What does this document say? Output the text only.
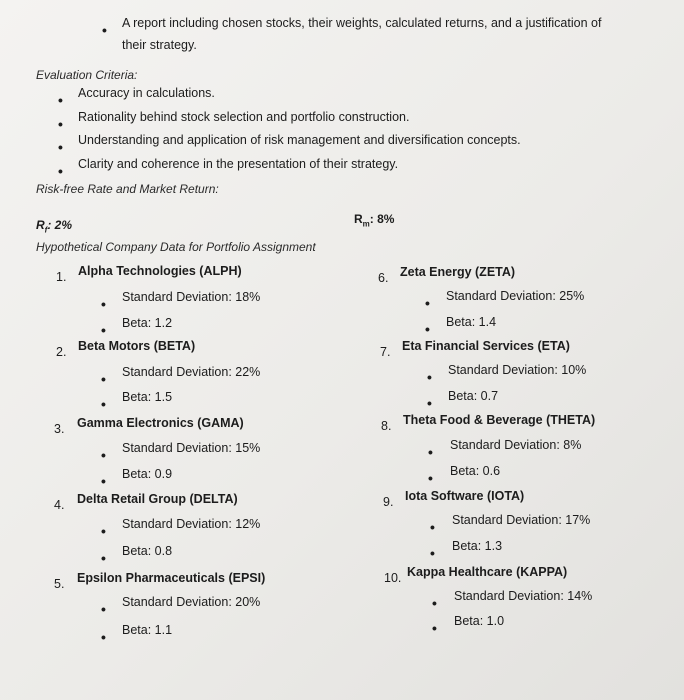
• A report including chosen stocks, their weights, calculated returns, and a justification of
their strategy.
Evaluation Criteria:
• Accuracy in calculations.
• Rationality behind stock selection and portfolio construction.
• Understanding and application of risk management and diversification concepts.
• Clarity and coherence in the presentation of their strategy.
Risk-free Rate and Market Return:
$R_f$: 2%	$R_m$: 8%
Hypothetical Company Data for Portfolio Assignment
1. Alpha Technologies (ALPH)
• Standard Deviation: 18%
• Beta: 1.2
2. Beta Motors (BETA)
• Standard Deviation: 22%
• Beta: 1.5
3. Gamma Electronics (GAMA)
• Standard Deviation: 15%
• Beta: 0.9
4. Delta Retail Group (DELTA)
• Standard Deviation: 12%
• Beta: 0.8
5. Epsilon Pharmaceuticals (EPSI)
• Standard Deviation: 20%
• Beta: 1.1
6. Zeta Energy (ZETA)
• Standard Deviation: 25%
• Beta: 1.4
7. Eta Financial Services (ETA)
• Standard Deviation: 10%
• Beta: 0.7
8. Theta Food & Beverage (THETA)
• Standard Deviation: 8%
• Beta: 0.6
9. Iota Software (IOTA)
• Standard Deviation: 17%
• Beta: 1.3
10. Kappa Healthcare (KAPPA)
• Standard Deviation: 14%
• Beta: 1.0
